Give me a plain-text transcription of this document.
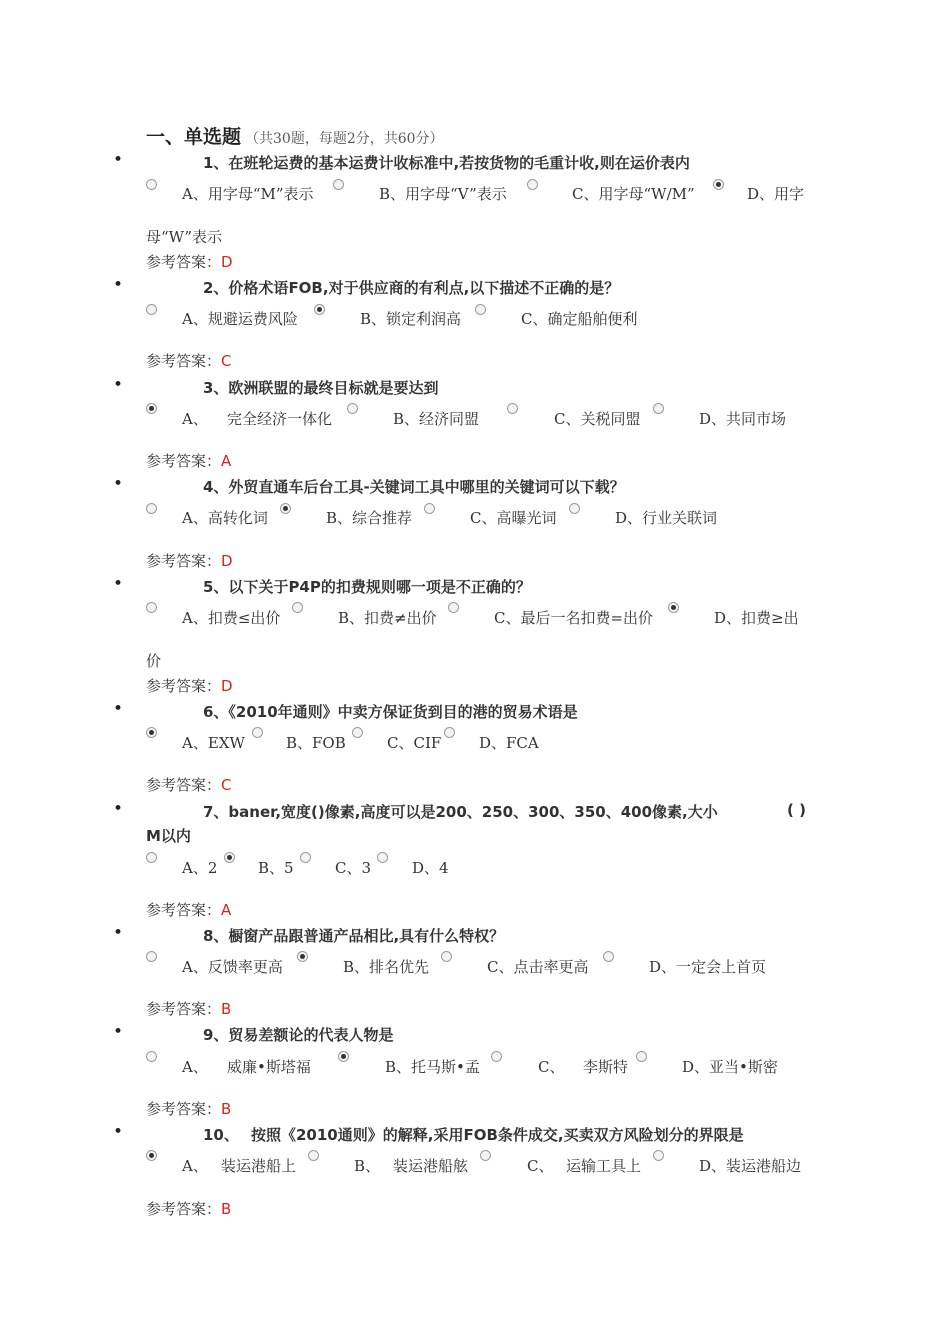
一、单选题 （共30题，每题2分，共60分）
•	1、在班轮运费的基本运费计收标准中,若按货物的毛重计收,则在运价表内
A、用字母“M”表示	B、用字母“V”表示	C、用字母“W/M”	D、用字
母“W”表示
参考答案：D
•	2、价格术语FOB,对于供应商的有利点,以下描述不正确的是？
A、规避运费风险	B、锁定利润高	C、确定船舶便利
参考答案：C
•	3、欧洲联盟的最终目标就是要达到
A、 完全经济一体化	B、经济同盟	C、关税同盟	D、共同市场
参考答案：A
•	4、外贸直通车后台工具-关键词工具中哪里的关键词可以下载？
A、高转化词	B、综合推荐	C、高曝光词	D、行业关联词
参考答案：D
•	5、以下关于P4P的扣费规则哪一项是不正确的？
A、扣费≤出价	B、扣费≠出价	C、最后一名扣费=出价	D、扣费≥出
价
参考答案：D
•	6、《2010年通则》中卖方保证货到目的港的贸易术语是
A、EXW	B、FOB	C、CIF	D、FCA
参考答案：C
•	7、baner,宽度()像素,高度可以是200、250、300、350、400像素,大小	( )
M以内
A、2	B、5	C、3	D、4
参考答案：A
•	8、橱窗产品跟普通产品相比,具有什么特权？
A、反馈率更高	B、排名优先	C、点击率更高	D、一定会上首页
参考答案：B
•	9、贸易差额论的代表人物是
A、 威廉•斯塔福	B、托马斯•孟	C、 李斯特	D、亚当•斯密
参考答案：B
•	10、 按照《2010通则》的解释,采用FOB条件成交,买卖双方风险划分的界限是
A、 装运港船上	B、 装运港船舷	C、 运输工具上	D、装运港船边
参考答案：B
